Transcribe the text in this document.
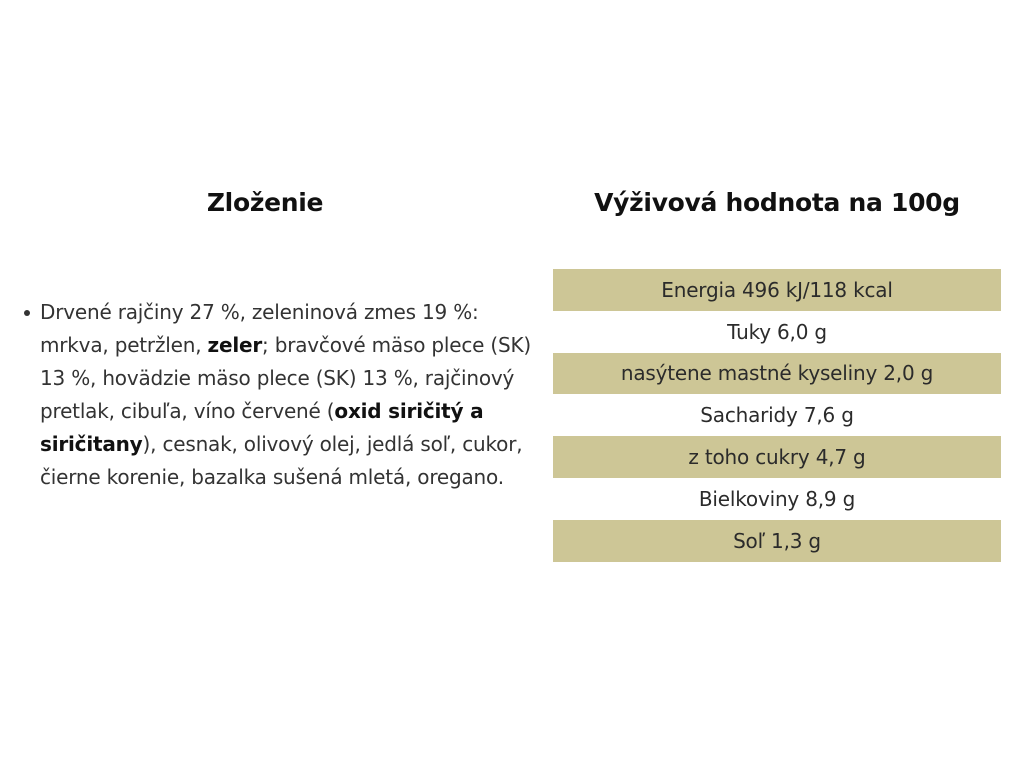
Zloženie	Výživová hodnota na 100g
Drvené rajčiny 27 %, zeleninová zmes 19 %: mrkva, petržlen, zeler; bravčové mäso plece (SK) 13 %, hovädzie mäso plece (SK) 13 %, rajčinový pretlak, cibuľa, víno červené (oxid siričitý a siričitany), cesnak, olivový olej, jedlá soľ, cukor, čierne korenie, bazalka sušená mletá, oregano.
Energia 496 kJ/118 kcal
Tuky 6,0 g
nasýtene mastné kyseliny 2,0 g
Sacharidy 7,6 g
z toho cukry 4,7 g
Bielkoviny 8,9 g
Soľ 1,3 g
